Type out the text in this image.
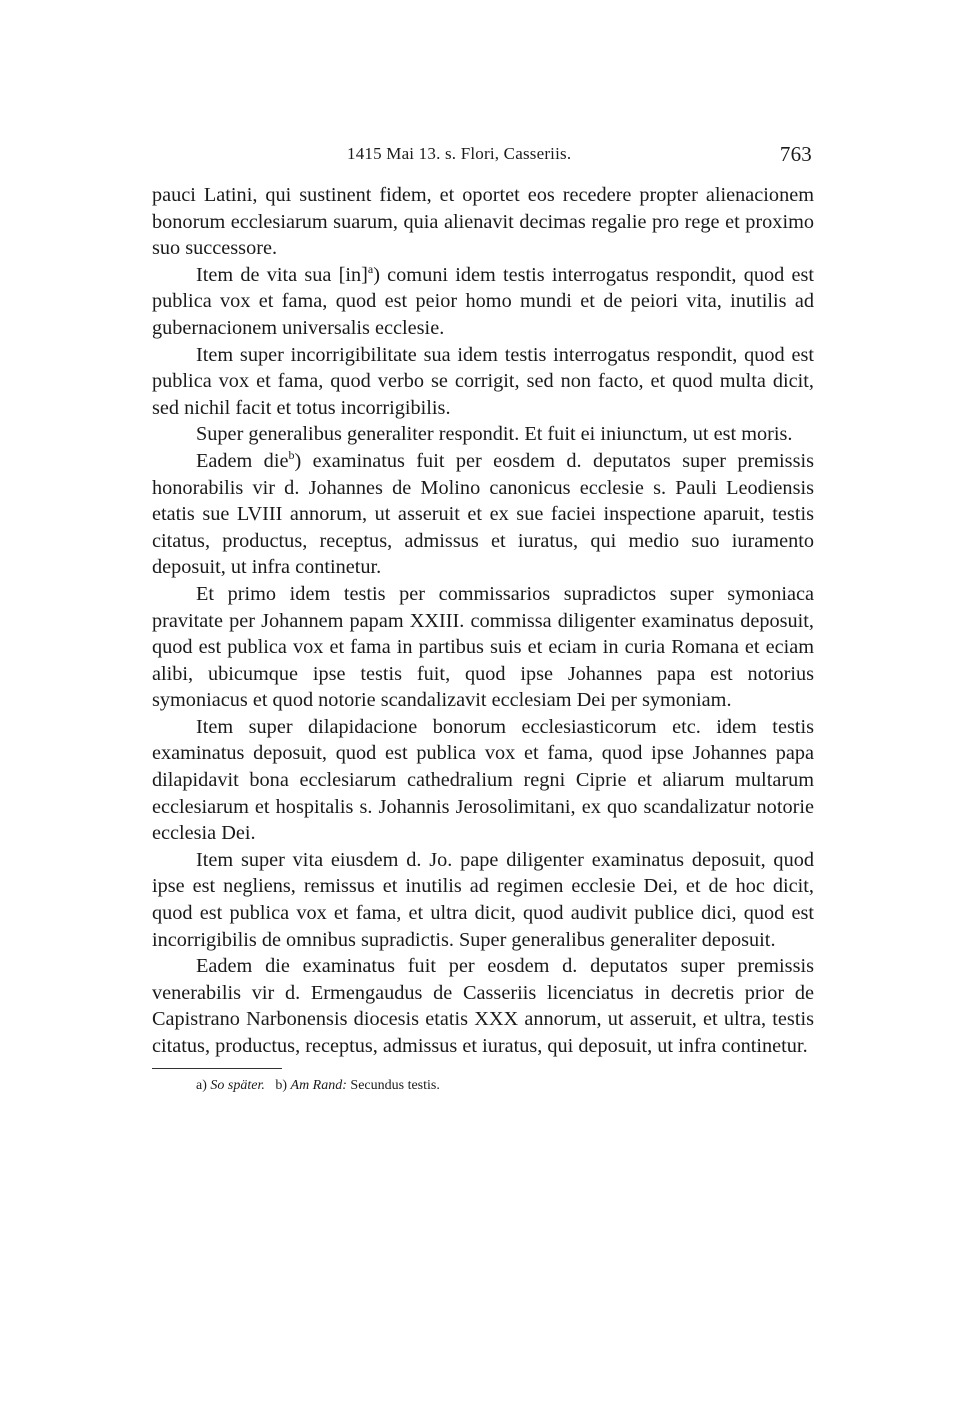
1415 Mai 13. s. Flori, Casseriis.	763

pauci Latini, qui sustinent fidem, et oportet eos recedere propter alienacionem bonorum ecclesiarum suarum, quia alienavit decimas regalie pro rege et proximo suo successore.

Item de vita sua [in]$^a$) comuni idem testis interrogatus respondit, quod est publica vox et fama, quod est peior homo mundi et de peiori vita, inutilis ad gubernacionem universalis ecclesie.

Item super incorrigibilitate sua idem testis interrogatus respondit, quod est publica vox et fama, quod verbo se corrigit, sed non facto, et quod multa dicit, sed nichil facit et totus incorrigibilis.

Super generalibus generaliter respondit. Et fuit ei iniunctum, ut est moris.

Eadem die$^b$) examinatus fuit per eosdem d. deputatos super premissis honorabilis vir d. Johannes de Molino canonicus ecclesie s. Pauli Leodiensis etatis sue LVIII annorum, ut asseruit et ex sue faciei inspectione aparuit, testis citatus, productus, receptus, admissus et iuratus, qui medio suo iuramento deposuit, ut infra continetur.

Et primo idem testis per commissarios supradictos super symoniaca pravitate per Johannem papam XXIII. commissa diligenter examinatus deposuit, quod est publica vox et fama in partibus suis et eciam in curia Romana et eciam alibi, ubicumque ipse testis fuit, quod ipse Johannes papa est notorius symoniacus et quod notorie scandalizavit ecclesiam Dei per symoniam.

Item super dilapidacione bonorum ecclesiasticorum etc. idem testis examinatus deposuit, quod est publica vox et fama, quod ipse Johannes papa dilapidavit bona ecclesiarum cathedralium regni Ciprie et aliarum multarum ecclesiarum et hospitalis s. Johannis Jerosolimitani, ex quo scandalizatur notorie ecclesia Dei.

Item super vita eiusdem d. Jo. pape diligenter examinatus deposuit, quod ipse est negliens, remissus et inutilis ad regimen ecclesie Dei, et de hoc dicit, quod est publica vox et fama, et ultra dicit, quod audivit publice dici, quod est incorrigibilis de omnibus supradictis. Super generalibus generaliter deposuit.

Eadem die examinatus fuit per eosdem d. deputatos super premissis venerabilis vir d. Ermengaudus de Casseriis licenciatus in decretis prior de Capistrano Narbonensis diocesis etatis XXX annorum, ut asseruit, et ultra, testis citatus, productus, receptus, admissus et iuratus, qui deposuit, ut infra continetur.

a) So später. b) Am Rand: Secundus testis.
